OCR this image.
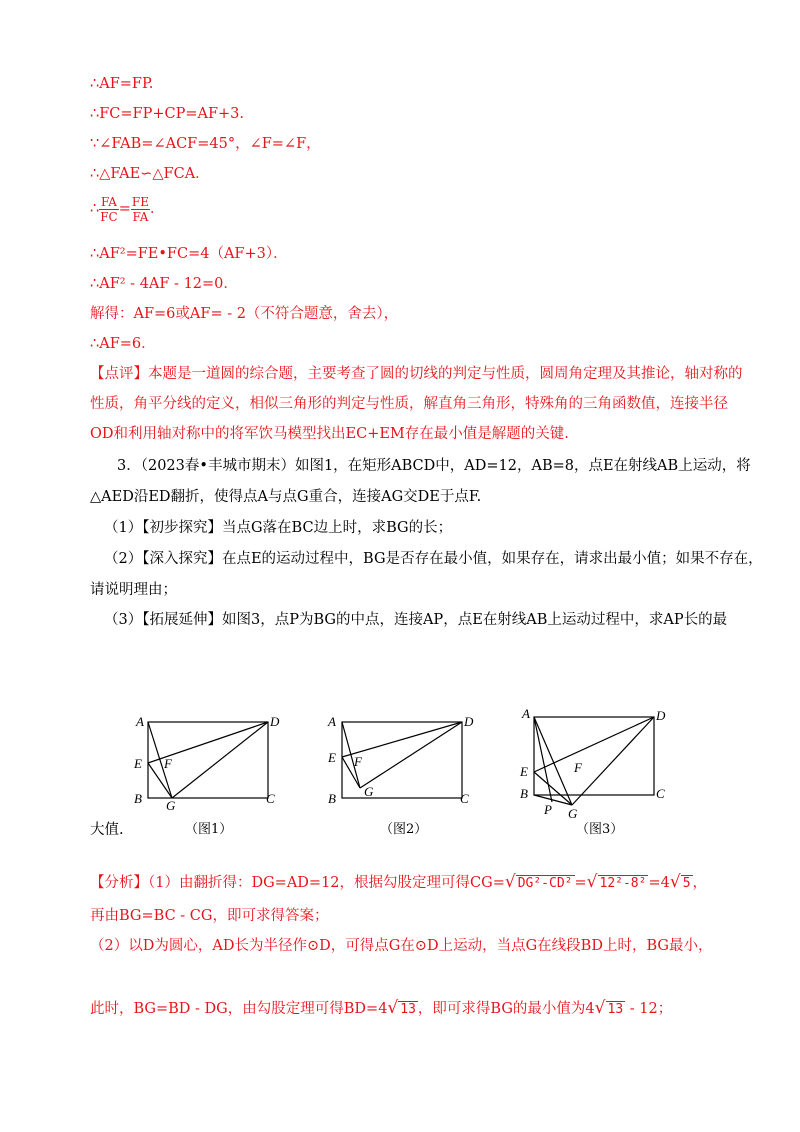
∴AF=FP.
∴FC=FP+CP=AF+3.
∵∠FAB=∠ACF=45°，∠F=∠F，
∴△FAE∽△FCA．
∴ $\frac{FA}{FC} = \frac{FE}{FA}$ ．
∴AF²=FE•FC=4（AF+3）．
∴AF² - 4AF - 12=0．
解得：AF=6或AF= - 2（不符合题意，舍去），
∴AF=6．
【点评】本题是一道圆的综合题，主要考查了圆的切线的判定与性质，圆周角定理及其推论，轴对称的
性质，角平分线的定义，相似三角形的判定与性质，解直角三角形，特殊角的三角函数值，连接半径
OD和利用轴对称中的将军饮马模型找出EC+EM存在最小值是解题的关键.
3．（2023春•丰城市期末）如图1，在矩形ABCD中，AD=12，AB=8，点E在射线AB上运动，将
△AED沿ED翻折，使得点A与点G重合，连接AG交DE于点F.
（1）【初步探究】当点G落在BC边上时，求BG的长；
（2）【深入探究】在点E的运动过程中，BG是否存在最小值，如果存在，请求出最小值；如果不存在，
请说明理由；
（3）【拓展延伸】如图3，点P为BG的中点，连接AP，点E在射线AB上运动过程中，求AP长的最
A	D
E F
B G	C
A	D
E F
B G	C
A	D
E	F
B
P G
C
大值.	（图1）	（图2）	（图3）
【分析】（1）由翻折得：DG=AD=12，根据勾股定理可得CG=√ DG²-CD² =√ 12²-8² =4√ 5 ，
再由BG=BC - CG，即可求得答案；
（2）以D为圆心，AD长为半径作⊙D，可得点G在⊙D上运动，当点G在线段BD上时，BG最小，
此时，BG=BD - DG，由勾股定理可得BD=4√ 13 ，即可求得BG的最小值为4√ 13 - 12；
